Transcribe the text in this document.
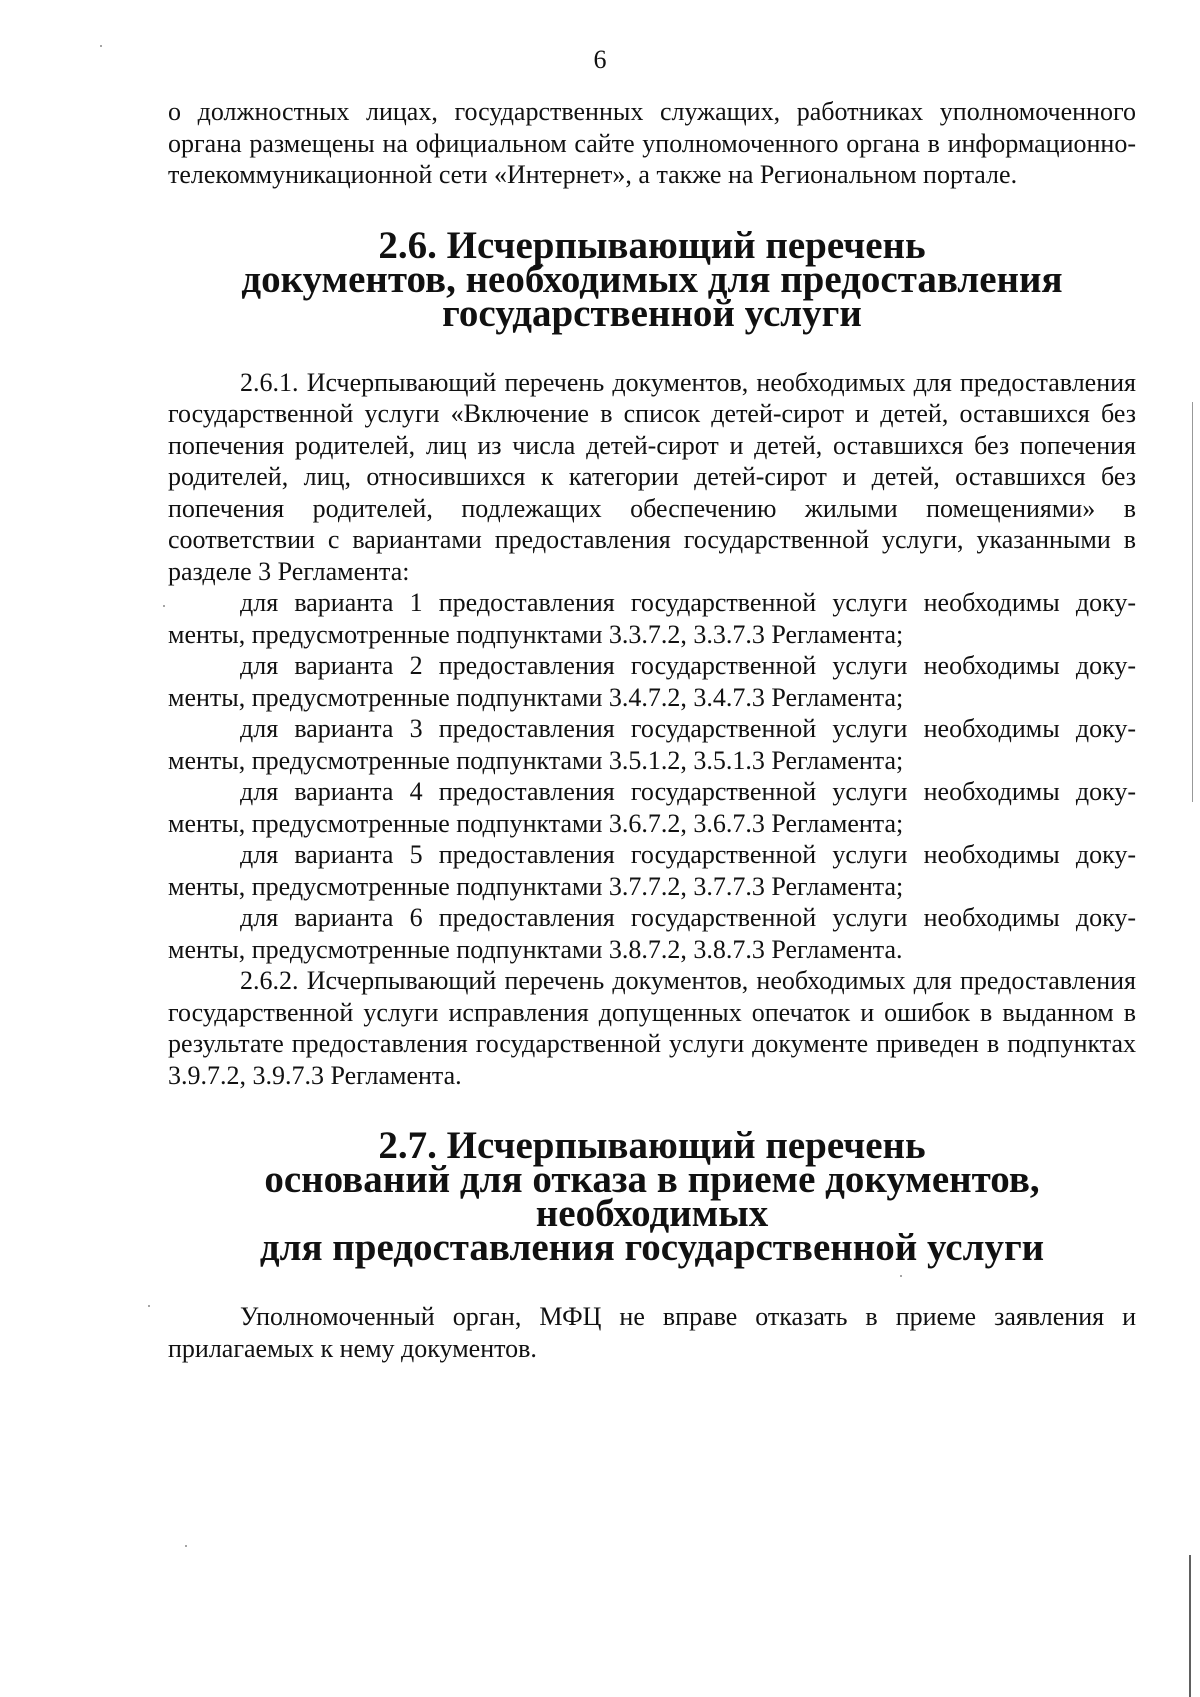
6

о должностных лицах, государственных служащих, работниках уполномоченного органа размещены на официальном сайте уполномоченного органа в информационно-телекоммуникационной сети «Интернет», а также на Региональном портале.

2.6. Исчерпывающий перечень
документов, необходимых для предоставления
государственной услуги

2.6.1. Исчерпывающий перечень документов, необходимых для предоставления государственной услуги «Включение в список детей-сирот и детей, оставшихся без попечения родителей, лиц из числа детей-сирот и детей, оставшихся без попечения родителей, лиц, относившихся к категории детей-сирот и детей, оставшихся без попечения родителей, подлежащих обеспечению жилыми помещениями» в соответствии с вариантами предоставления государственной услуги, указанными в разделе 3 Регламента:

для варианта 1 предоставления государственной услуги необходимы документы, предусмотренные подпунктами 3.3.7.2, 3.3.7.3 Регламента;

для варианта 2 предоставления государственной услуги необходимы документы, предусмотренные подпунктами 3.4.7.2, 3.4.7.3 Регламента;

для варианта 3 предоставления государственной услуги необходимы документы, предусмотренные подпунктами 3.5.1.2, 3.5.1.3 Регламента;

для варианта 4 предоставления государственной услуги необходимы документы, предусмотренные подпунктами 3.6.7.2, 3.6.7.3 Регламента;

для варианта 5 предоставления государственной услуги необходимы документы, предусмотренные подпунктами 3.7.7.2, 3.7.7.3 Регламента;

для варианта 6 предоставления государственной услуги необходимы документы, предусмотренные подпунктами 3.8.7.2, 3.8.7.3 Регламента.

2.6.2. Исчерпывающий перечень документов, необходимых для предоставления государственной услуги исправления допущенных опечаток и ошибок в выданном в результате предоставления государственной услуги документе приведен в подпунктах 3.9.7.2, 3.9.7.3 Регламента.

2.7. Исчерпывающий перечень
оснований для отказа в приеме документов, необходимых
для предоставления государственной услуги

Уполномоченный орган, МФЦ не вправе отказать в приеме заявления и прилагаемых к нему документов.
